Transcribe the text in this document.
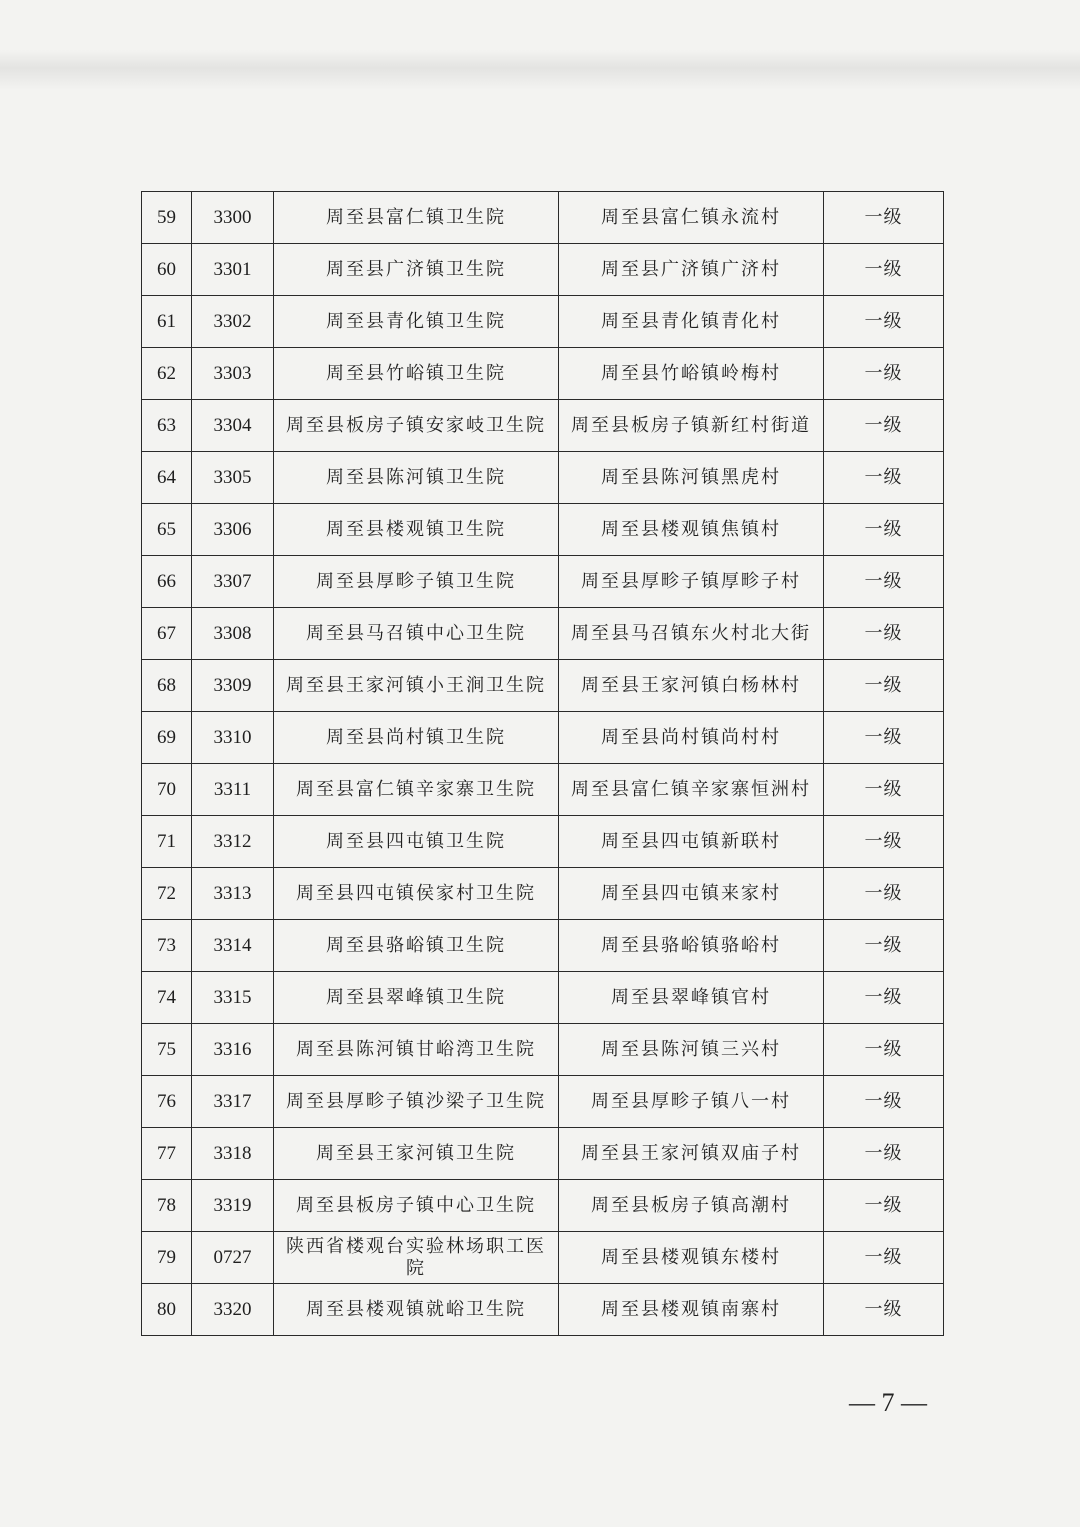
59	3300	周至县富仁镇卫生院	周至县富仁镇永流村	一级
60	3301	周至县广济镇卫生院	周至县广济镇广济村	一级
61	3302	周至县青化镇卫生院	周至县青化镇青化村	一级
62	3303	周至县竹峪镇卫生院	周至县竹峪镇岭梅村	一级
63	3304	周至县板房子镇安家岐卫生院	周至县板房子镇新红村街道	一级
64	3305	周至县陈河镇卫生院	周至县陈河镇黑虎村	一级
65	3306	周至县楼观镇卫生院	周至县楼观镇焦镇村	一级
66	3307	周至县厚畛子镇卫生院	周至县厚畛子镇厚畛子村	一级
67	3308	周至县马召镇中心卫生院	周至县马召镇东火村北大街	一级
68	3309	周至县王家河镇小王涧卫生院	周至县王家河镇白杨林村	一级
69	3310	周至县尚村镇卫生院	周至县尚村镇尚村村	一级
70	3311	周至县富仁镇辛家寨卫生院	周至县富仁镇辛家寨恒洲村	一级
71	3312	周至县四屯镇卫生院	周至县四屯镇新联村	一级
72	3313	周至县四屯镇侯家村卫生院	周至县四屯镇来家村	一级
73	3314	周至县骆峪镇卫生院	周至县骆峪镇骆峪村	一级
74	3315	周至县翠峰镇卫生院	周至县翠峰镇官村	一级
75	3316	周至县陈河镇甘峪湾卫生院	周至县陈河镇三兴村	一级
76	3317	周至县厚畛子镇沙梁子卫生院	周至县厚畛子镇八一村	一级
77	3318	周至县王家河镇卫生院	周至县王家河镇双庙子村	一级
78	3319	周至县板房子镇中心卫生院	周至县板房子镇高潮村	一级
79	0727	陕西省楼观台实验林场职工医院	周至县楼观镇东楼村	一级
80	3320	周至县楼观镇就峪卫生院	周至县楼观镇南寨村	一级
— 7 —
